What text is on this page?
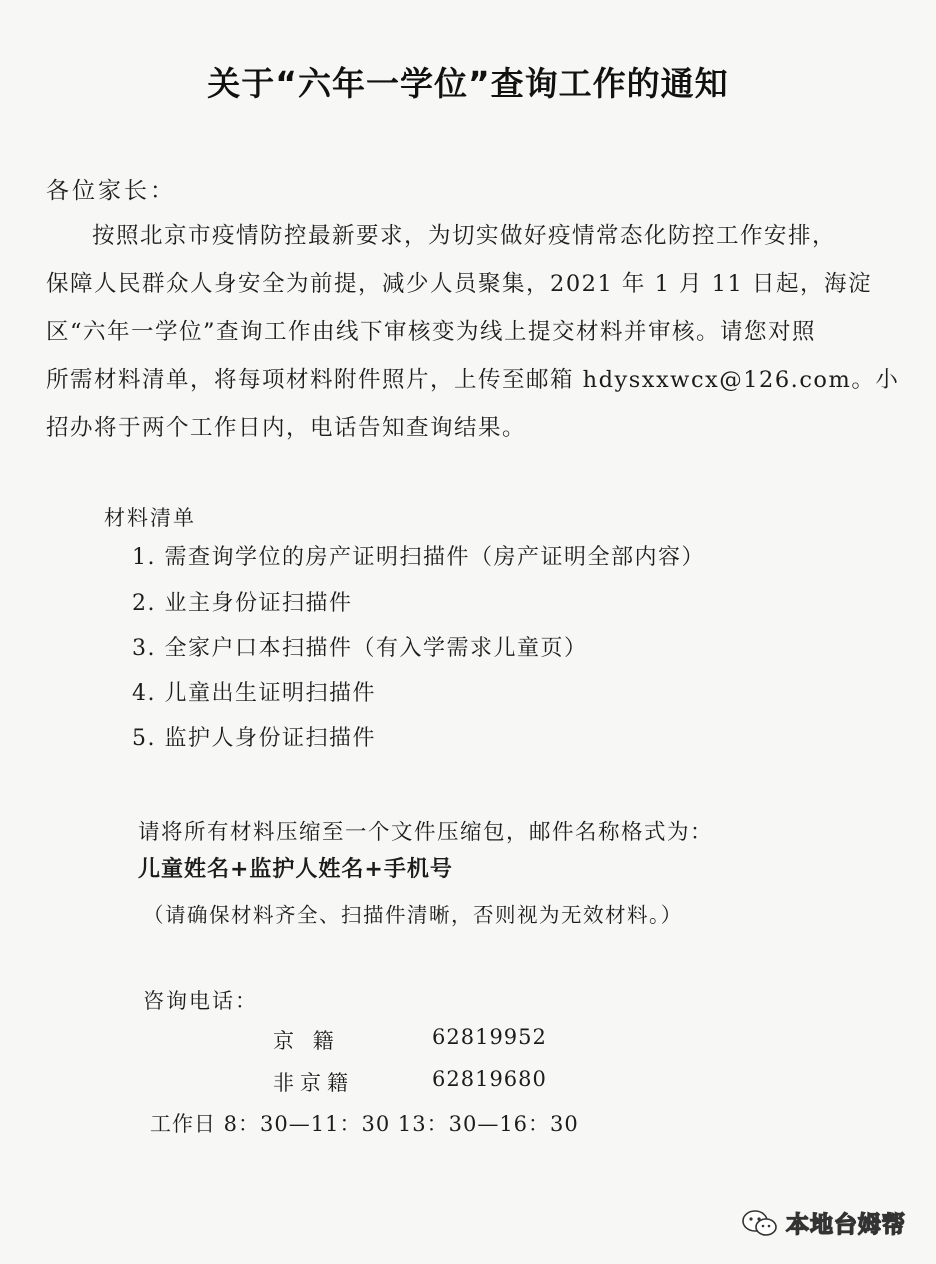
关于“六年一学位”查询工作的通知
各位家长：

按照北京市疫情防控最新要求，为切实做好疫情常态化防控工作安排，

保障人民群众人身安全为前提，减少人员聚集，2021 年 1 月 11 日起，海淀

区“六年一学位”查询工作由线下审核变为线上提交材料并审核。请您对照

所需材料清单，将每项材料附件照片，上传至邮箱 hdysxxwcx@126.com。小

招办将于两个工作日内，电话告知查询结果。

材料清单
1. 需查询学位的房产证明扫描件（房产证明全部内容）
2. 业主身份证扫描件
3. 全家户口本扫描件（有入学需求儿童页）
4. 儿童出生证明扫描件
5. 监护人身份证扫描件
请将所有材料压缩至一个文件压缩包，邮件名称格式为：
儿童姓名+监护人姓名+手机号
（请确保材料齐全、扫描件清晰，否则视为无效材料。）
咨询电话：
京 籍	62819952
非京籍	62819680
工作日 8：30—11：30 13：30—16：30
本地台姆帮
